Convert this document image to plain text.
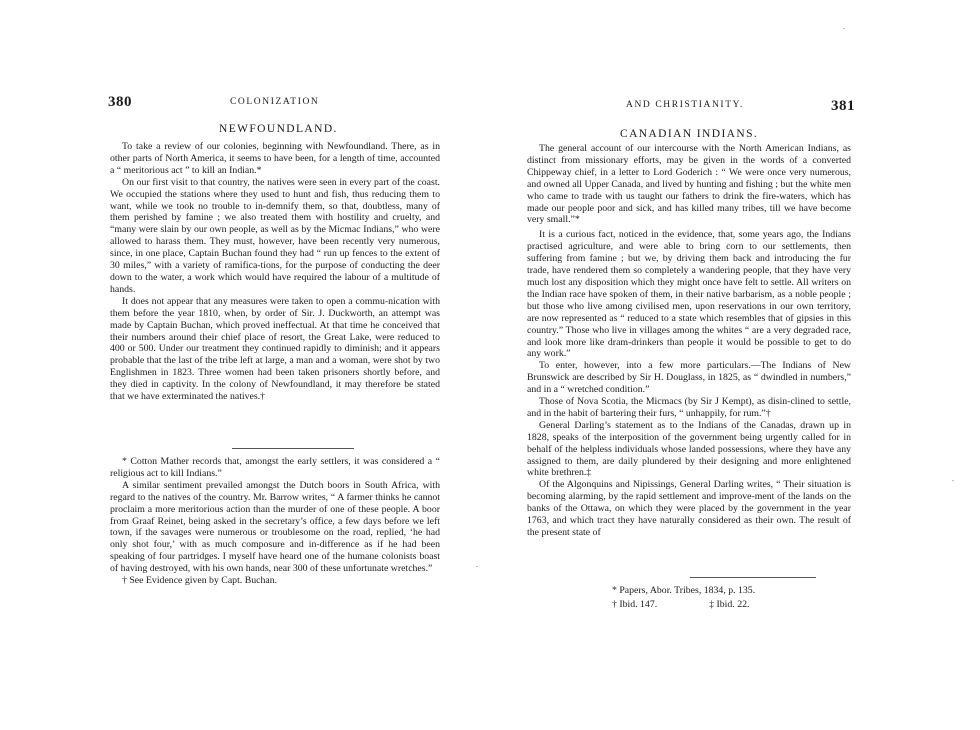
380	COLONIZATION
NEWFOUNDLAND.

To take a review of our colonies, beginning with Newfoundland. There, as in other parts of North America, it seems to have been, for a length of time, accounted a “ meritorious act ” to kill an Indian.*

On our first visit to that country, the natives were seen in every part of the coast. We occupied the stations where they used to hunt and fish, thus reducing them to want, while we took no trouble to in-demnify them, so that, doubtless, many of them perished by famine ; we also treated them with hostility and cruelty, and “many were slain by our own people, as well as by the Micmac Indians,” who were allowed to harass them. They must, however, have been recently very numerous, since, in one place, Captain Buchan found they had “ run up fences to the extent of 30 miles,” with a variety of ramifica-tions, for the purpose of conducting the deer down to the water, a work which would have required the labour of a multitude of hands.

It does not appear that any measures were taken to open a commu-nication with them before the year 1810, when, by order of Sir. J. Duckworth, an attempt was made by Captain Buchan, which proved ineffectual. At that time he conceived that their numbers around their chief place of resort, the Great Lake, were reduced to 400 or 500. Under our treatment they continued rapidly to diminish; and it appears probable that the last of the tribe left at large, a man and a woman, were shot by two Englishmen in 1823. Three women had been taken prisoners shortly before, and they died in captivity. In the colony of Newfoundland, it may therefore be stated that we have exterminated the natives.†

* Cotton Mather records that, amongst the early settlers, it was considered a “ religious act to kill Indians.”

A similar sentiment prevailed amongst the Dutch boors in South Africa, with regard to the natives of the country. Mr. Barrow writes, “ A farmer thinks he cannot proclaim a more meritorious action than the murder of one of these people. A boor from Graaf Reinet, being asked in the secretary’s office, a few days before we left town, if the savages were numerous or troublesome on the road, replied, ‘he had only shot four,’ with as much composure and in-difference as if he had been speaking of four partridges. I myself have heard one of the humane colonists boast of having destroyed, with his own hands, near 300 of these unfortunate wretches.”

† See Evidence given by Capt. Buchan.

AND CHRISTIANITY.	381
CANADIAN INDIANS.

The general account of our intercourse with the North American Indians, as distinct from missionary efforts, may be given in the words of a converted Chippeway chief, in a letter to Lord Goderich : “ We were once very numerous, and owned all Upper Canada, and lived by hunting and fishing ; but the white men who came to trade with us taught our fathers to drink the fire-waters, which has made our people poor and sick, and has killed many tribes, till we have become very small.”*

It is a curious fact, noticed in the evidence, that, some years ago, the Indians practised agriculture, and were able to bring corn to our settlements, then suffering from famine ; but we, by driving them back and introducing the fur trade, have rendered them so completely a wandering people, that they have very much lost any disposition which they might once have felt to settle. All writers on the Indian race have spoken of them, in their native barbarism, as a noble people ; but those who live among civilised men, upon reservations in our own territory, are now represented as “ reduced to a state which resembles that of gipsies in this country.” Those who live in villages among the whites “ are a very degraded race, and look more like dram-drinkers than people it would be possible to get to do any work.”

To enter, however, into a few more particulars.—The Indians of New Brunswick are described by Sir H. Douglass, in 1825, as “ dwindled in numbers,” and in a “ wretched condition.”

Those of Nova Scotia, the Micmacs (by Sir J Kempt), as disin-clined to settle, and in the habit of bartering their furs, “ unhappily, for rum.”†

General Darling’s statement as to the Indians of the Canadas, drawn up in 1828, speaks of the interposition of the government being urgently called for in behalf of the helpless individuals whose landed possessions, where they have any assigned to them, are daily plundered by their designing and more enlightened white brethren.‡

Of the Algonquins and Nipissings, General Darling writes, “ Their situation is becoming alarming, by the rapid settlement and improve-ment of the lands on the banks of the Ottawa, on which they were placed by the government in the year 1763, and which tract they have naturally considered as their own. The result of the present state of

* Papers, Abor. Tribes, 1834, p. 135.

† Ibid. 147.	‡ Ibid. 22.
